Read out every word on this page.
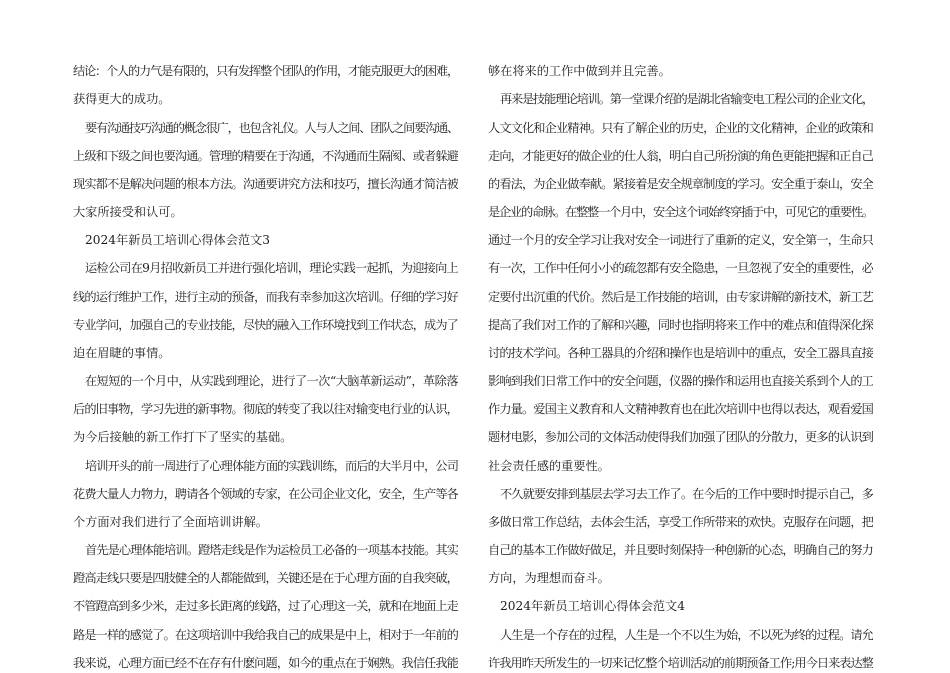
结论：个人的力气是有限的，只有发挥整个团队的作用，才能克服更大的困难，
获得更大的成功。
要有沟通技巧沟通的概念很广，也包含礼仪。人与人之间、团队之间要沟通、
上级和下级之间也要沟通。管理的精要在于沟通，不沟通而生隔阂、或者躲避
现实都不是解决问题的根本方法。沟通要讲究方法和技巧，擅长沟通才简洁被
大家所接受和认可。
2024年新员工培训心得体会范文3
运检公司在9月招收新员工并进行强化培训，理论实践一起抓，为迎接向上
线的运行维护工作，进行主动的预备，而我有幸参加这次培训。仔细的学习好
专业学问，加强自己的专业技能，尽快的融入工作环境找到工作状态，成为了
迫在眉睫的事情。
在短短的一个月中，从实践到理论，进行了一次“大脑革新运动”，革除落
后的旧事物，学习先进的新事物。彻底的转变了我以往对输变电行业的认识，
为今后接触的新工作打下了坚实的基础。
培训开头的前一周进行了心理体能方面的实践训练，而后的大半月中，公司
花费大量人力物力，聘请各个领域的专家，在公司企业文化，安全，生产等各
个方面对我们进行了全面培训讲解。
首先是心理体能培训。蹬塔走线是作为运检员工必备的一项基本技能。其实
蹬高走线只要是四肢健全的人都能做到，关键还是在于心理方面的自我突破，
不管蹬高到多少米，走过多长距离的线路，过了心理这一关，就和在地面上走
路是一样的感觉了。在这项培训中我给我自己的成果是中上，相对于一年前的
我来说，心理方面已经不在存有什麽问题，如今的重点在于娴熟。我信任我能
够在将来的工作中做到并且完善。
再来是技能理论培训。第一堂课介绍的是湖北省输变电工程公司的企业文化，
人文文化和企业精神。只有了解企业的历史，企业的文化精神，企业的政策和
走向，才能更好的做企业的仕人翁，明白自己所扮演的角色更能把握和正自己
的看法，为企业做奉献。紧接着是安全规章制度的学习。安全重于泰山，安全
是企业的命脉。在整整一个月中，安全这个词始终穿插于中，可见它的重要性。
通过一个月的安全学习让我对安全一词进行了重新的定义，安全第一，生命只
有一次，工作中任何小小的疏忽都有安全隐患，一旦忽视了安全的重要性，必
定要付出沉重的代价。然后是工作技能的培训，由专家讲解的新技术，新工艺
提高了我们对工作的了解和兴趣，同时也指明将来工作中的难点和值得深化探
讨的技术学问。各种工器具的介绍和操作也是培训中的重点，安全工器具直接
影响到我们日常工作中的安全问题，仪器的操作和运用也直接关系到个人的工
作力量。爱国主义教育和人文精神教育也在此次培训中也得以表达，观看爱国
题材电影，参加公司的文体活动使得我们加强了团队的分散力，更多的认识到
社会责任感的重要性。
不久就要安排到基层去学习去工作了。在今后的工作中要时时提示自己，多
多做日常工作总结，去体会生活，享受工作所带来的欢快。克服存在问题，把
自己的基本工作做好做足，并且要时刻保持一种创新的心态，明确自己的努力
方向，为理想而奋斗。
2024年新员工培训心得体会范文4
人生是一个存在的过程，人生是一个不以生为始，不以死为终的过程。请允
许我用昨天所发生的一切来记忆整个培训活动的前期预备工作;用今日来表达整
